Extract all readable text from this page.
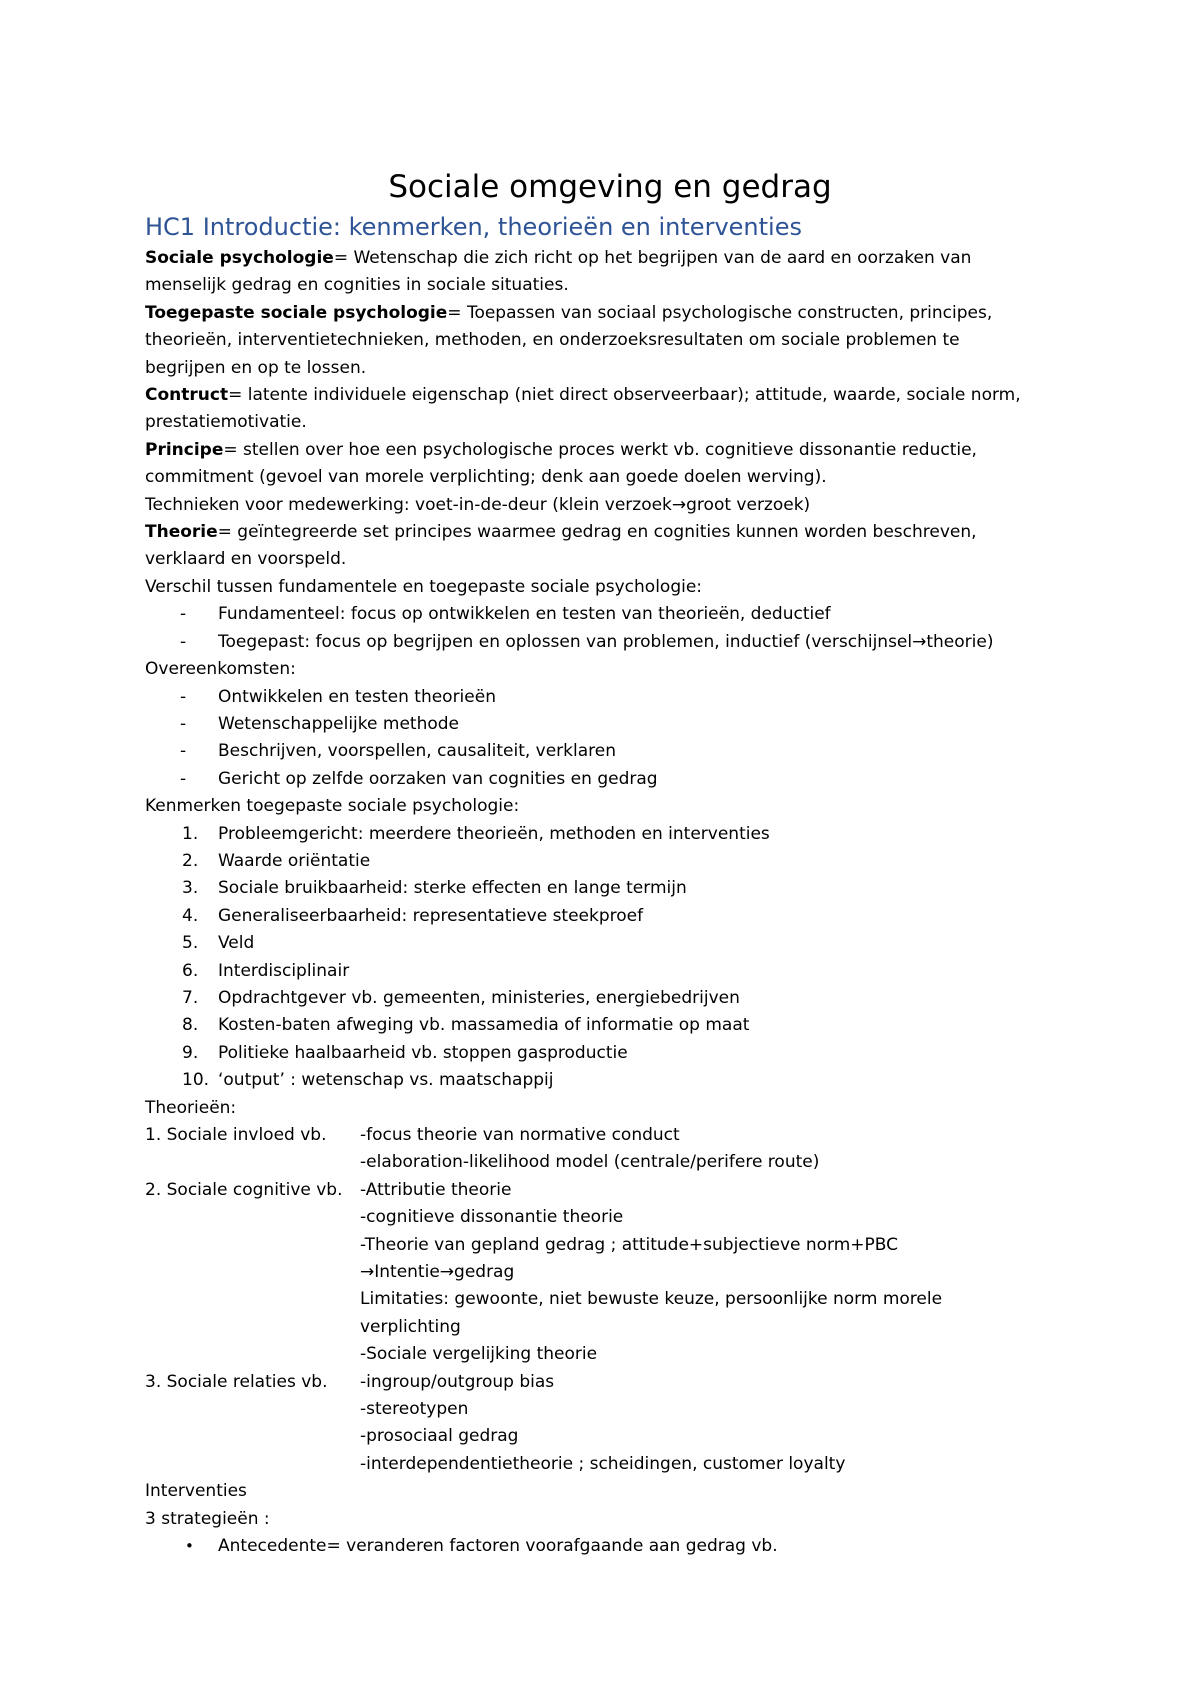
Sociale omgeving en gedrag
HC1 Introductie: kenmerken, theorieën en interventies

Sociale psychologie= Wetenschap die zich richt op het begrijpen van de aard en oorzaken van

menselijk gedrag en cognities in sociale situaties.

Toegepaste sociale psychologie= Toepassen van sociaal psychologische constructen, principes,

theorieën, interventietechnieken, methoden, en onderzoeksresultaten om sociale problemen te

begrijpen en op te lossen.

Contruct= latente individuele eigenschap (niet direct observeerbaar); attitude, waarde, sociale norm,

prestatiemotivatie.

Principe= stellen over hoe een psychologische proces werkt vb. cognitieve dissonantie reductie,

commitment (gevoel van morele verplichting; denk aan goede doelen werving).

Technieken voor medewerking: voet-in-de-deur (klein verzoek→groot verzoek)

Theorie= geïntegreerde set principes waarmee gedrag en cognities kunnen worden beschreven,

verklaard en voorspeld.

Verschil tussen fundamentele en toegepaste sociale psychologie:

- Fundamenteel: focus op ontwikkelen en testen van theorieën, deductief
- Toegepast: focus op begrijpen en oplossen van problemen, inductief (verschijnsel→theorie)

Overeenkomsten:

- Ontwikkelen en testen theorieën
- Wetenschappelijke methode
- Beschrijven, voorspellen, causaliteit, verklaren
- Gericht op zelfde oorzaken van cognities en gedrag

Kenmerken toegepaste sociale psychologie:

1. Probleemgericht: meerdere theorieën, methoden en interventies
2. Waarde oriëntatie
3. Sociale bruikbaarheid: sterke effecten en lange termijn
4. Generaliseerbaarheid: representatieve steekproef
5. Veld
6. Interdisciplinair
7. Opdrachtgever vb. gemeenten, ministeries, energiebedrijven
8. Kosten-baten afweging vb. massamedia of informatie op maat
9. Politieke haalbaarheid vb. stoppen gasproductie
10. ‘output’ : wetenschap vs. maatschappij

Theorieën:

1. Sociale invloed vb.	-focus theorie van normative conduct

-elaboration-likelihood model (centrale/perifere route)

2. Sociale cognitive vb.	-Attributie theorie

-cognitieve dissonantie theorie

-Theorie van gepland gedrag ; attitude+subjectieve norm+PBC

→Intentie→gedrag

Limitaties: gewoonte, niet bewuste keuze, persoonlijke norm morele

verplichting

-Sociale vergelijking theorie

3. Sociale relaties vb.	-ingroup/outgroup bias

-stereotypen

-prosociaal gedrag

-interdependentietheorie ; scheidingen, customer loyalty

Interventies

3 strategieën :

• Antecedente= veranderen factoren voorafgaande aan gedrag vb.
